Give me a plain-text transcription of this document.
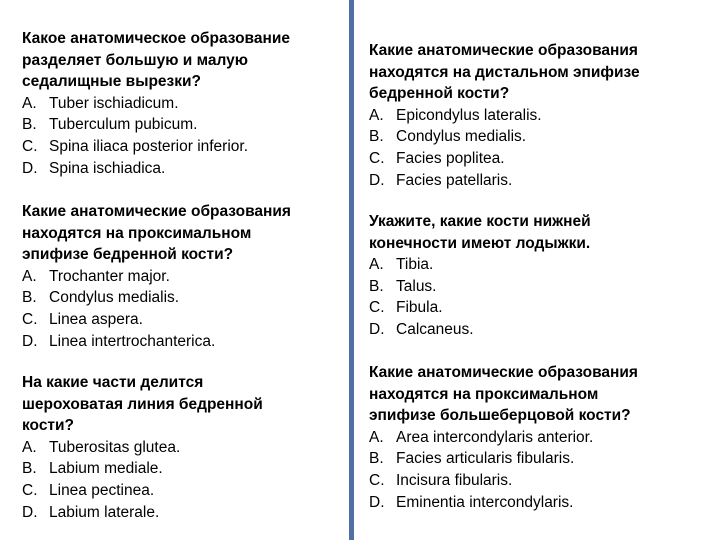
Какое анатомическое образование
разделяет большую и малую
седалищные вырезки?
A. Tuber ischiadicum.
B. Tuberculum pubicum.
C. Spina iliaca posterior inferior.
D. Spina ischiadica.
Какие анатомические образования
находятся на проксимальном
эпифизе бедренной кости?
A. Trochanter major.
B. Condylus medialis.
C. Linea aspera.
D. Linea intertrochanterica.
На какие части делится
шероховатая линия бедренной
кости?
A. Tuberositas glutea.
B. Labium mediale.
C. Linea pectinea.
D. Labium laterale.
Какие анатомические образования
находятся на дистальном эпифизе
бедренной кости?
A. Epicondylus lateralis.
B. Condylus medialis.
C. Facies poplitea.
D. Facies patellaris.
Укажите, какие кости нижней
конечности имеют лодыжки.
A. Tibia.
B. Talus.
C. Fibula.
D. Calcaneus.
Какие анатомические образования
находятся на проксимальном
эпифизе большеберцовой кости?
A. Area intercondylaris anterior.
B. Facies articularis fibularis.
C. Incisura fibularis.
D. Eminentia intercondylaris.
